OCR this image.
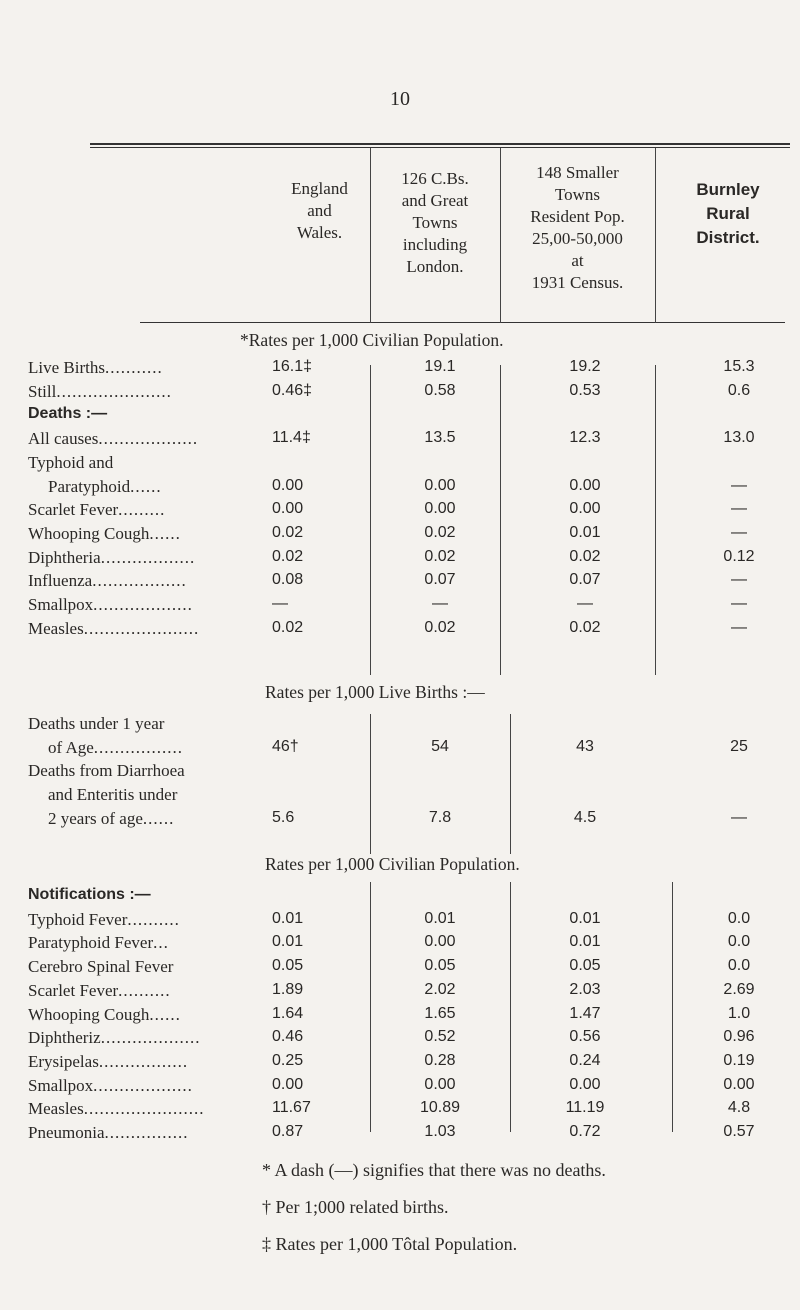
10
England
and
Wales.
126 C.Bs.
and Great
Towns
including
London.
148 Smaller
Towns
Resident Pop.
25,00-50,000
at
1931 Census.
Burnley
Rural
District.
*Rates per 1,000 Civilian Population.
Rates per 1,000 Live Births :—
Rates per 1,000 Civilian Population.
Live Births...........	16.1‡	19.1	19.2	15.3
Still......................	0.46‡	0.58	0.53	0.6
Deaths :—
All causes...................	11.4‡	13.5	12.3	13.0
Typhoid and
Paratyphoid......	0.00	0.00	0.00	—
Scarlet Fever.........	0.00	0.00	0.00	—
Whooping Cough......	0.02	0.02	0.01	—
Diphtheria..................	0.02	0.02	0.02	0.12
Influenza..................	0.08	0.07	0.07	—
Smallpox...................	—	—	—	—
Measles......................	0.02	0.02	0.02	—
Deaths under 1 year
of Age.................	46†	54	43	25
Deaths from Diarrhoea
and Enteritis under
2 years of age......	5.6	7.8	4.5	—
Notifications :—
Typhoid Fever..........	0.01	0.01	0.01	0.0
Paratyphoid Fever...	0.01	0.00	0.01	0.0
Cerebro Spinal Fever	0.05	0.05	0.05	0.0
Scarlet Fever..........	1.89	2.02	2.03	2.69
Whooping Cough......	1.64	1.65	1.47	1.0
Diphtheriz...................	0.46	0.52	0.56	0.96
Erysipelas.................	0.25	0.28	0.24	0.19
Smallpox...................	0.00	0.00	0.00	0.00
Measles.......................	11.67	10.89	11.19	4.8
Pneumonia................	0.87	1.03	0.72	0.57
* A dash (—) signifies that there was no deaths.
† Per 1;000 related births.
‡ Rates per 1,000 Tôtal Population.
